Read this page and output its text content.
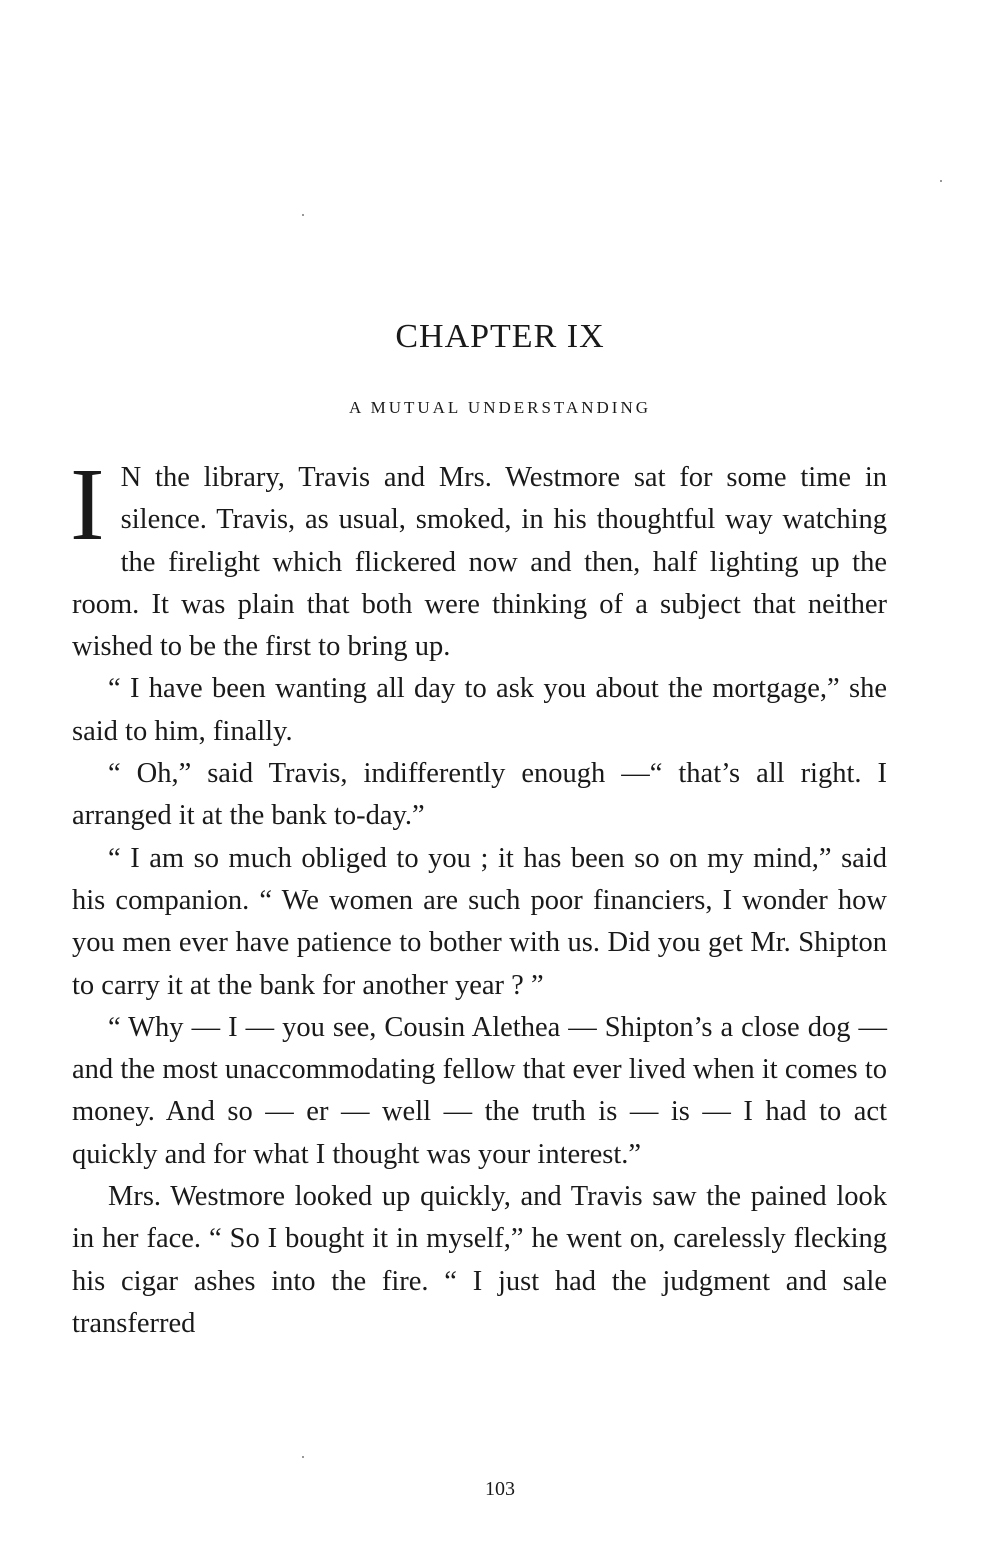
CHAPTER IX
A MUTUAL UNDERSTANDING

I N the library, Travis and Mrs. Westmore sat for some time in silence. Travis, as usual, smoked, in his thoughtful way watching the firelight which flickered now and then, half lighting up the room. It was plain that both were thinking of a subject that neither wished to be the first to bring up.

“ I have been wanting all day to ask you about the mortgage,” she said to him, finally.

“ Oh,” said Travis, indifferently enough —“ that’s all right. I arranged it at the bank to-day.”

“ I am so much obliged to you ; it has been so on my mind,” said his companion. “ We women are such poor financiers, I wonder how you men ever have patience to bother with us. Did you get Mr. Shipton to carry it at the bank for another year ? ”

“ Why — I — you see, Cousin Alethea — Shipton’s a close dog — and the most unaccommodating fellow that ever lived when it comes to money. And so — er — well — the truth is — is — I had to act quickly and for what I thought was your interest.”

Mrs. Westmore looked up quickly, and Travis saw the pained look in her face. “ So I bought it in myself,” he went on, carelessly flecking his cigar ashes into the fire. “ I just had the judgment and sale transferred

103
